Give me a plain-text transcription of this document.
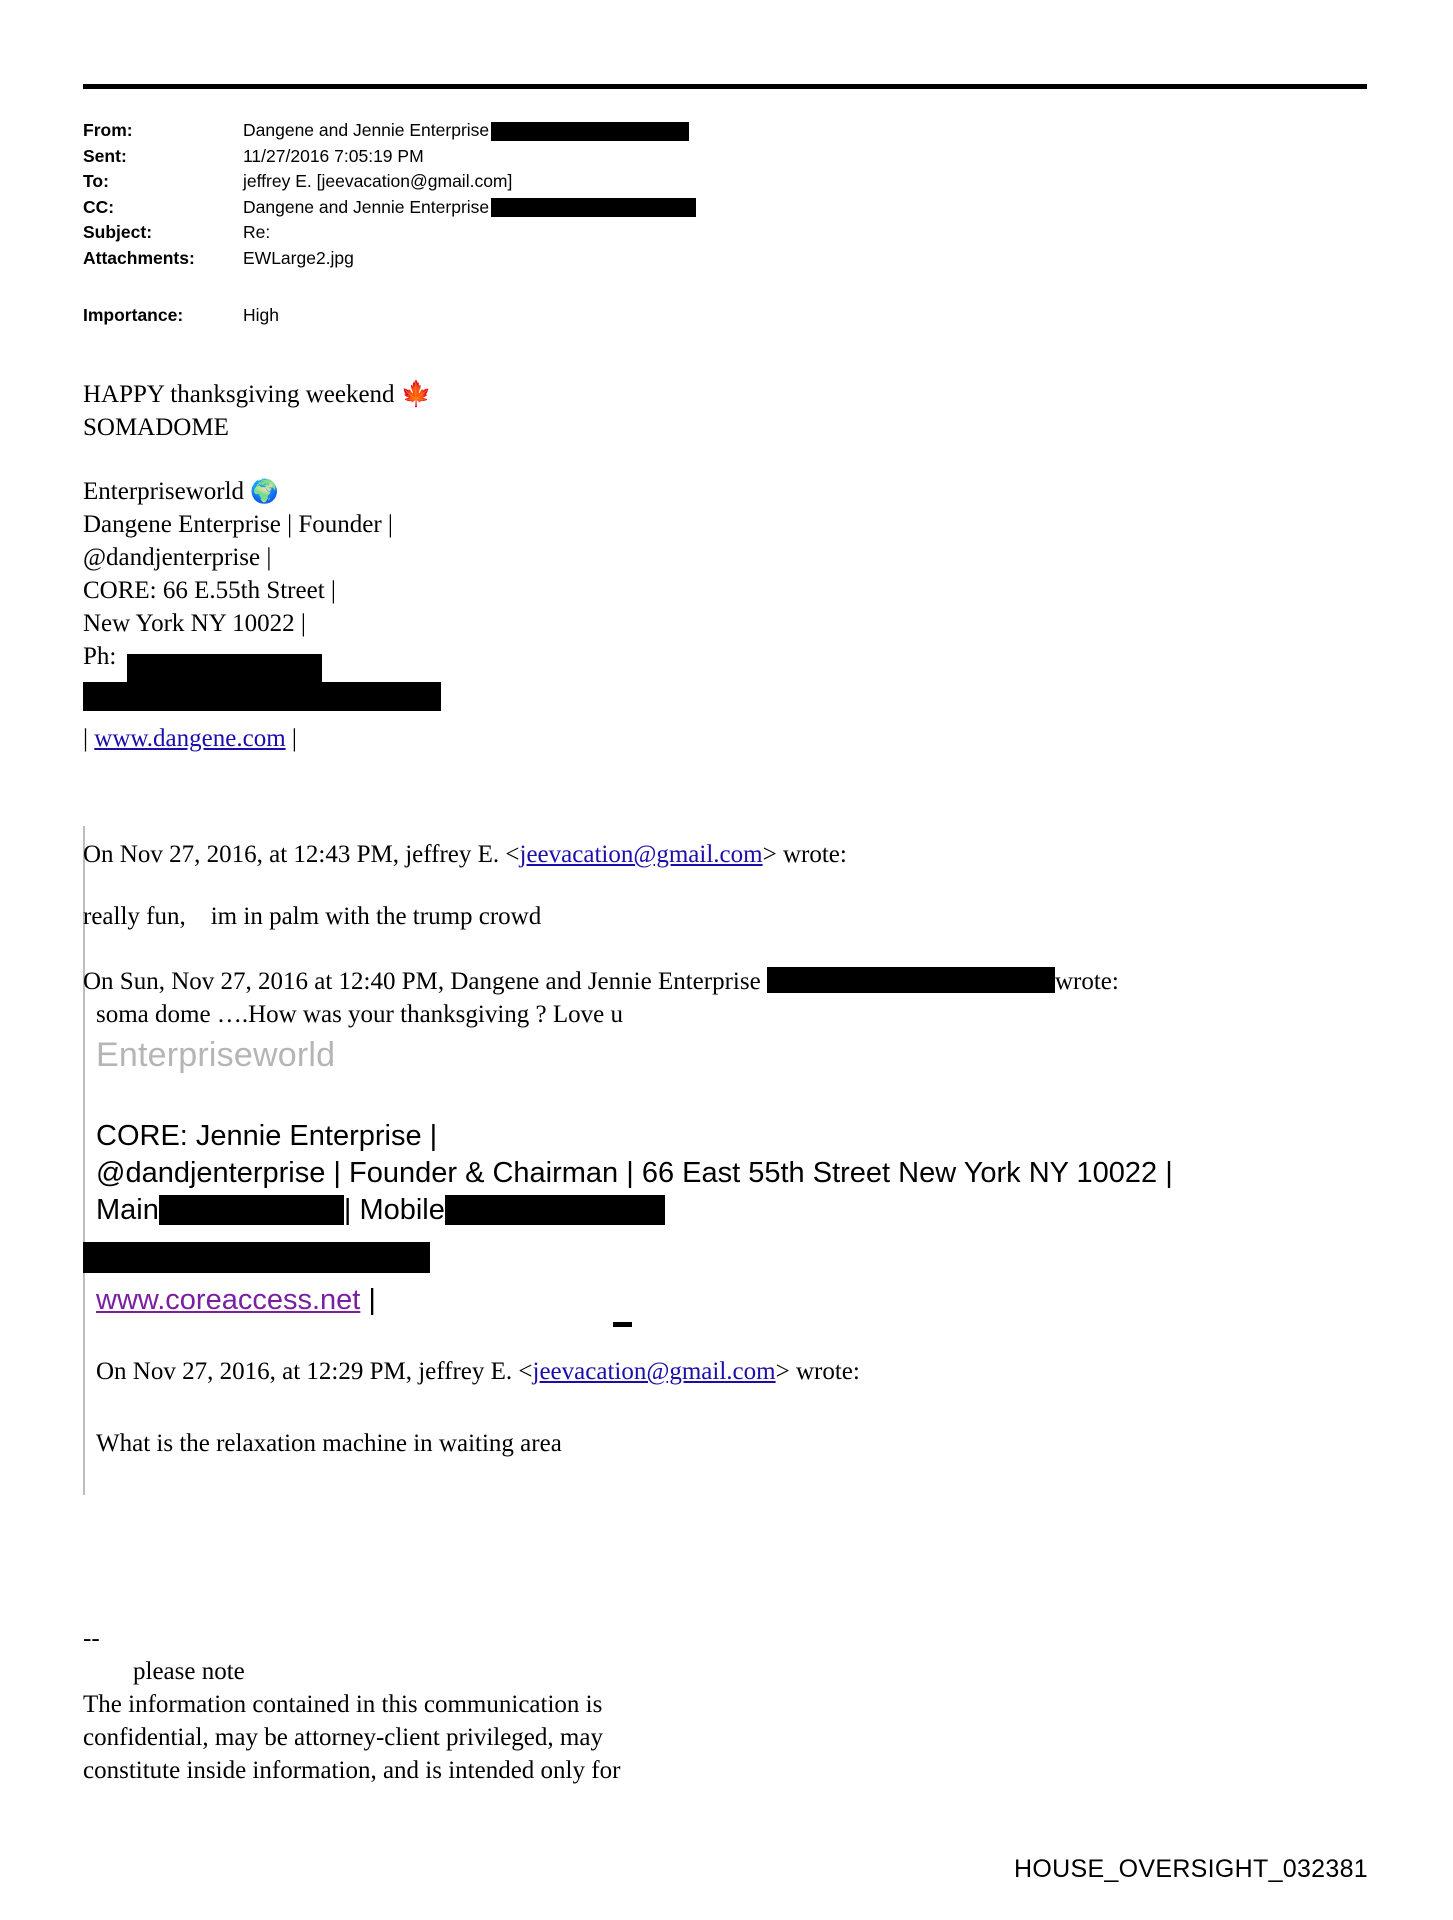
From:	Dangene and Jennie Enterprise
Sent:	11/27/2016 7:05:19 PM
To:	jeffrey E. [jeevacation@gmail.com]
CC:	Dangene and Jennie Enterprise
Subject:	Re:
Attachments:	EWLarge2.jpg
Importance:	High
HAPPY thanksgiving weekend 🍁
SOMADOME
Enterpriseworld 🌍
Dangene Enterprise | Founder |
@dandjenterprise |
CORE: 66 E.55th Street |
New York NY 10022 |
Ph:
| www.dangene.com |
On Nov 27, 2016, at 12:43 PM, jeffrey E. <jeevacation@gmail.com> wrote:
really fun, im in palm with the trump crowd
On Sun, Nov 27, 2016 at 12:40 PM, Dangene and Jennie Enterprise	wrote:
soma dome ….How was your thanksgiving ? Love u
Enterpriseworld
CORE: Jennie Enterprise |
@dandjenterprise | Founder & Chairman | 66 East 55th Street New York NY 10022 |
Main	| Mobile
www.coreaccess.net |
On Nov 27, 2016, at 12:29 PM, jeffrey E. <jeevacation@gmail.com> wrote:
What is the relaxation machine in waiting area
--
please note
The information contained in this communication is
confidential, may be attorney-client privileged, may
constitute inside information, and is intended only for
HOUSE_OVERSIGHT_032381
